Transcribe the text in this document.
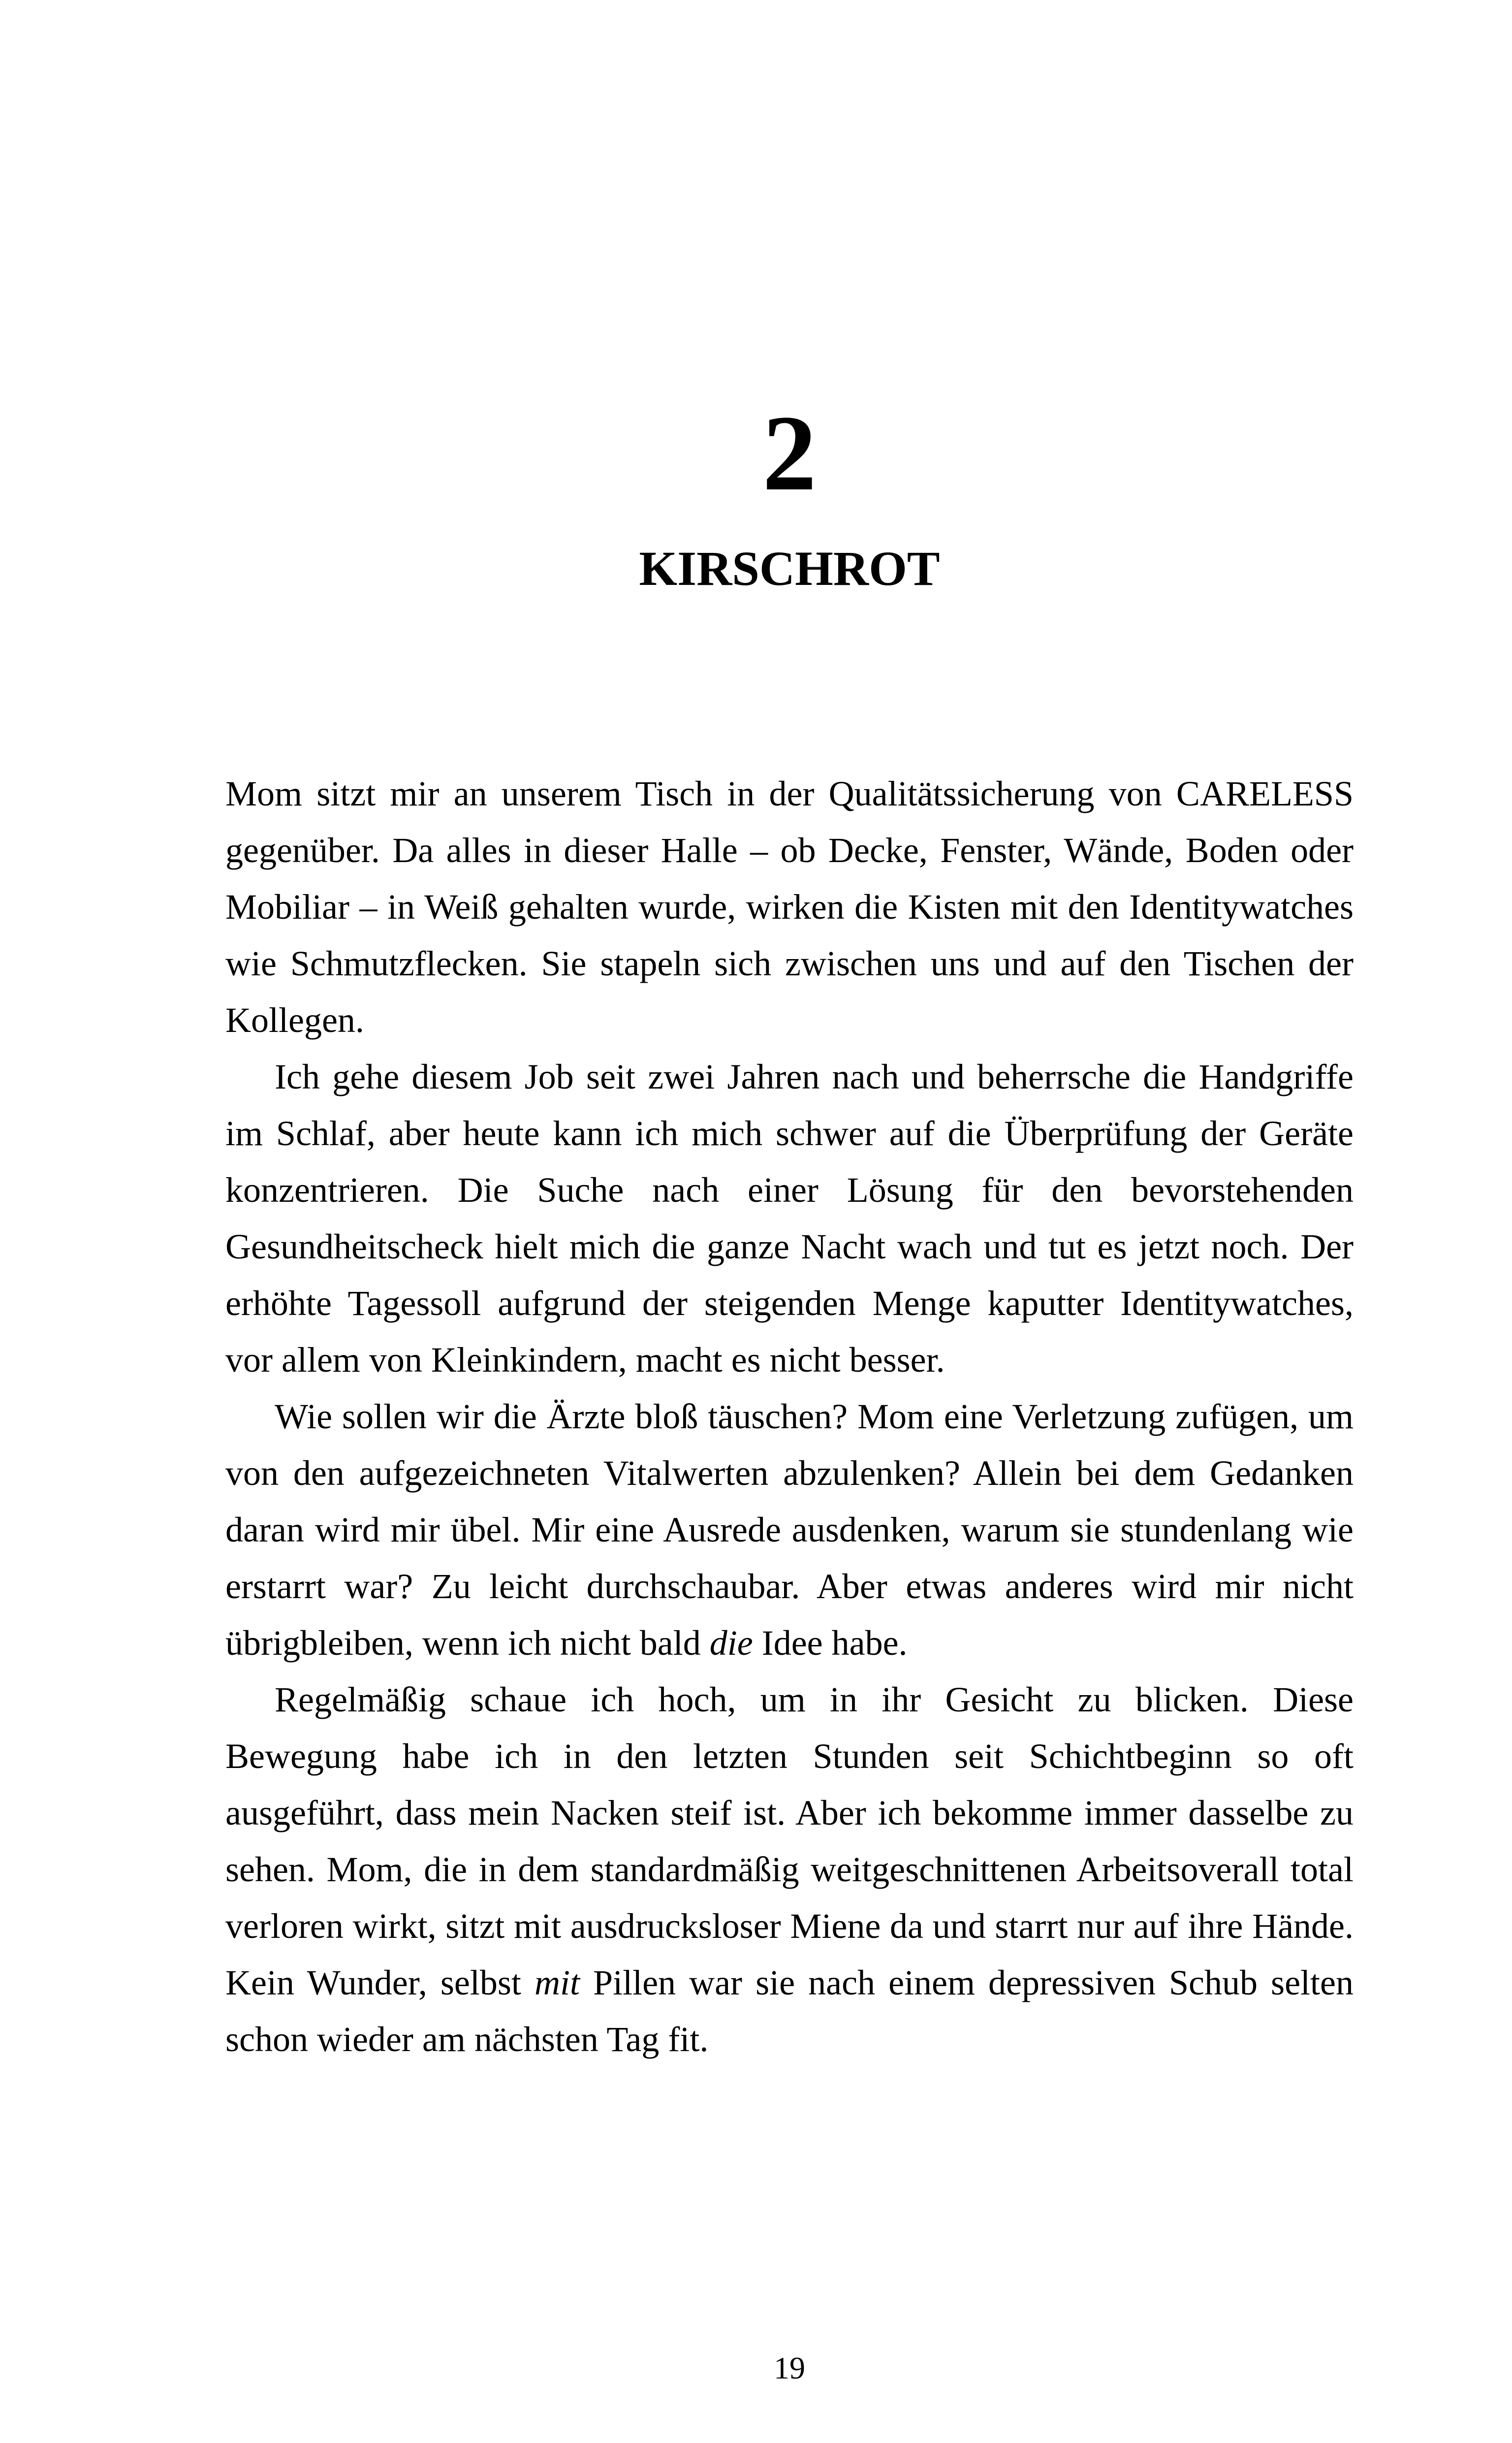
2
KIRSCHROT

Mom sitzt mir an unserem Tisch in der Qualitätssicherung von CARELESS gegenüber. Da alles in dieser Halle – ob Decke, Fenster, Wände, Boden oder Mobiliar – in Weiß gehalten wurde, wirken die Kisten mit den Identitywatches wie Schmutzflecken. Sie stapeln sich zwischen uns und auf den Tischen der Kollegen.

Ich gehe diesem Job seit zwei Jahren nach und beherrsche die Handgriffe im Schlaf, aber heute kann ich mich schwer auf die Überprüfung der Geräte konzentrieren. Die Suche nach einer Lösung für den bevorstehenden Gesundheitscheck hielt mich die ganze Nacht wach und tut es jetzt noch. Der erhöhte Tagessoll aufgrund der steigenden Menge kaputter Identitywatches, vor allem von Kleinkindern, macht es nicht besser.

Wie sollen wir die Ärzte bloß täuschen? Mom eine Verletzung zufügen, um von den aufgezeichneten Vitalwerten abzulenken? Allein bei dem Gedanken daran wird mir übel. Mir eine Ausrede ausdenken, warum sie stundenlang wie erstarrt war? Zu leicht durchschaubar. Aber etwas anderes wird mir nicht übrigbleiben, wenn ich nicht bald die Idee habe.

Regelmäßig schaue ich hoch, um in ihr Gesicht zu blicken. Diese Bewegung habe ich in den letzten Stunden seit Schichtbeginn so oft ausgeführt, dass mein Nacken steif ist. Aber ich bekomme immer dasselbe zu sehen. Mom, die in dem standardmäßig weitgeschnittenen Arbeitsoverall total verloren wirkt, sitzt mit ausdrucksloser Miene da und starrt nur auf ihre Hände. Kein Wunder, selbst mit Pillen war sie nach einem depressiven Schub selten schon wieder am nächsten Tag fit.

19
